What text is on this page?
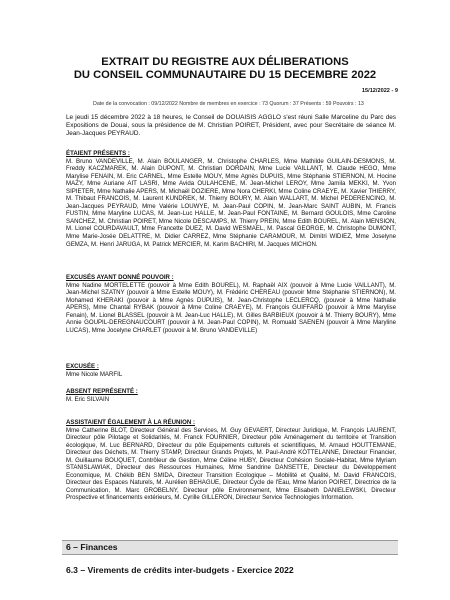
EXTRAIT DU REGISTRE AUX DÉLIBERATIONS
DU CONSEIL COMMUNAUTAIRE DU 15 DECEMBRE 2022
15/12/2022 - 9
Date de la convocation : 09/12/2022 Nombre de membres en exercice : 73 Quorum : 37 Présents : 59 Pouvoirs : 13
Le jeudi 15 décembre 2022 à 18 heures, le Conseil de DOUAISIS AGGLO s'est réuni Salle Marceline du Parc des Expositions de Douai, sous la présidence de M. Christian POIRET, Président, avec pour Secrétaire de séance M. Jean-Jacques PEYRAUD.
ÉTAIENT PRÉSENTS :
M. Bruno VANDEVILLE, M. Alain BOULANGER, M. Christophe CHARLES, Mme Mathilde GUILAIN-DESMONS, M. Freddy KACZMAREK, M. Alain DUPONT, M. Christian DORDAIN, Mme Lucie VAILLANT, M. Claude HEGO, Mme Marylise FENAIN, M. Eric CARNEL, Mme Estelle MOUY, Mme Agnès DUPUIS, Mme Stéphanie STIERNON, M. Hocine MAZY, Mme Auriane AIT LASRI, Mme Avida OULAHCENE, M. Jean-Michel LEROY, Mme Jamila MEKKI, M. Yvon SIPIETER, Mme Nathalie APERS, M. Michaël DOZIERE, Mme Nora CHERKI, Mme Coline CRAEYE, M. Xavier THIERRY, M. Thibaut FRANCOIS, M. Laurent KUNDREK, M. Thierry BOURY, M. Alain WALLART, M. Michel PEDERENCINO, M. Jean-Jacques PEYRAUD, Mme Valérie LOUWYE, M. Jean-Paul COPIN, M. Jean-Marc SAINT AUBIN, M. Francis FUSTIN, Mme Maryline LUCAS, M. Jean-Luc HALLE, M. Jean-Paul FONTAINE, M. Bernard GOULOIS, Mme Caroline SANCHEZ, M. Christian POIRET, Mme Nicole DESCAMPS, M. Thierry PREIN, Mme Edith BOUREL, M. Alain MENSION, M. Lionel COURDAVAULT, Mme Francette DUEZ, M. David WESMAEL, M. Pascal GEORGE, M. Christophe DUMONT, Mme Marie-Josée DELATTRE, M. Didier CARREZ, Mme Stéphanie CARAMOUR, M. Dimitri WIDIEZ, Mme Joselyne GEMZA, M. Henri JARUGA, M. Patrick MERCIER, M. Karim BACHIRI, M. Jacques MICHON.
EXCUSÉS AYANT DONNÉ POUVOIR :
Mme Nadine MORTELETTE (pouvoir à Mme Edith BOUREL), M. Raphaël AIX (pouvoir à Mme Lucie VAILLANT), M. Jean-Michel SZATNY (pouvoir à Mme Estelle MOUY), M. Frédéric CHEREAU (pouvoir Mme Stéphanie STIERNON), M. Mohamed KHERAKI (pouvoir à Mme Agnès DUPUIS), M. Jean-Christophe LECLERCQ, (pouvoir à Mme Nathalie APERS), Mme Chantal RYBAK (pouvoir à Mme Coline CRAEYE), M. François GUIFFARD (pouvoir à Mme Marylise Fenain), M. Lionel BLASSEL (pouvoir à M. Jean-Luc HALLE), M. Gilles BARBIEUX (pouvoir à M. Thierry BOURY), Mme Annie GOUPIL-DEREGNAUCOURT (pouvoir à M. Jean-Paul COPIN), M. Romuald SAENEN (pouvoir à Mme Maryline LUCAS), Mme Jocelyne CHARLET (pouvoir à M. Bruno VANDEVILLE)
EXCUSÉE :
Mme Nicole MARFIL
ABSENT REPRÉSENTÉ :
M. Eric SILVAIN
ASSISTAIENT ÉGALEMENT À LA RÉUNION :
Mme Catherine BLOT, Directeur Général des Services, M. Guy GEVAERT, Directeur Juridique, M. François LAURENT, Directeur pôle Pilotage et Solidarités, M. Franck FOURNIER, Directeur pôle Aménagement du territoire et Transition écologique, M. Luc BERNARD, Directeur du pôle Equipements culturels et scientifiques, M. Arnaud HOUTTEMANE, Directeur des Déchets, M. Thierry STAMP, Directeur Grands Projets, M. Paul-André KOTTELANNE, Directeur Financier, M. Guillaume BOUQUET, Contrôleur de Gestion, Mme Céline HUBY, Directeur Cohésion Sociale-Habitat, Mme Myriam STANISLAWIAK, Directeur des Ressources Humaines, Mme Sandrine DANSETTE, Directeur du Développement Economique, M. Chékib BEN SMIDA, Directeur Transition Ecologique – Mobilité et Qualité, M. David FRANCOIS, Directeur des Espaces Naturels, M. Aurélien BEHAGUE, Directeur Cycle de l'Eau, Mme Marion POIRET, Directrice de la Communication, M. Marc GROBELNY, Directeur pôle Environnement, Mme Elisabeth DANIELEWSKI, Directeur Prospective et financements extérieurs, M. Cyrille GILLERON, Directeur Service Technologies Information.
6 – Finances
6.3 – Virements de crédits inter-budgets - Exercice 2022
